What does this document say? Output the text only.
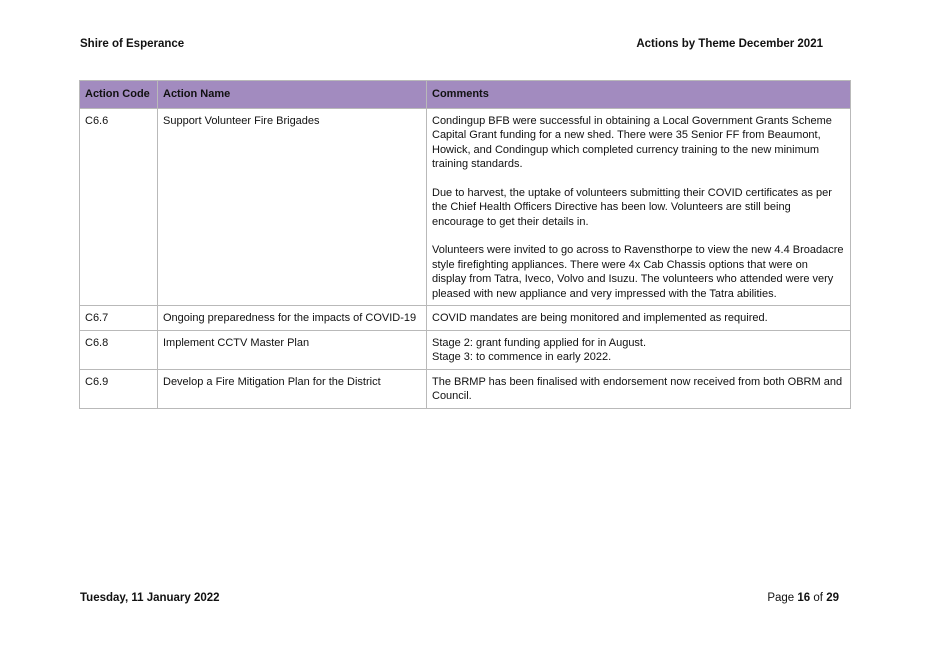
Shire of Esperance	Actions by Theme December 2021
Action Code	Action Name	Comments
C6.6	Support Volunteer Fire Brigades	Condingup BFB were successful in obtaining a Local Government Grants Scheme Capital Grant funding for a new shed. There were 35 Senior FF from Beaumont, Howick, and Condingup which completed currency training to the new minimum training standards.

Due to harvest, the uptake of volunteers submitting their COVID certificates as per the Chief Health Officers Directive has been low. Volunteers are still being encourage to get their details in.

Volunteers were invited to go across to Ravensthorpe to view the new 4.4 Broadacre style firefighting appliances. There were 4x Cab Chassis options that were on display from Tatra, Iveco, Volvo and Isuzu. The volunteers who attended were very pleased with new appliance and very impressed with the Tatra abilities.

C6.7	Ongoing preparedness for the impacts of COVID-19	COVID mandates are being monitored and implemented as required.

C6.8	Implement CCTV Master Plan	Stage 2: grant funding applied for in August.
Stage 3: to commence in early 2022.

C6.9	Develop a Fire Mitigation Plan for the District	The BRMP has been finalised with endorsement now received from both OBRM and Council.

Tuesday, 11 January 2022	Page 16 of 29
